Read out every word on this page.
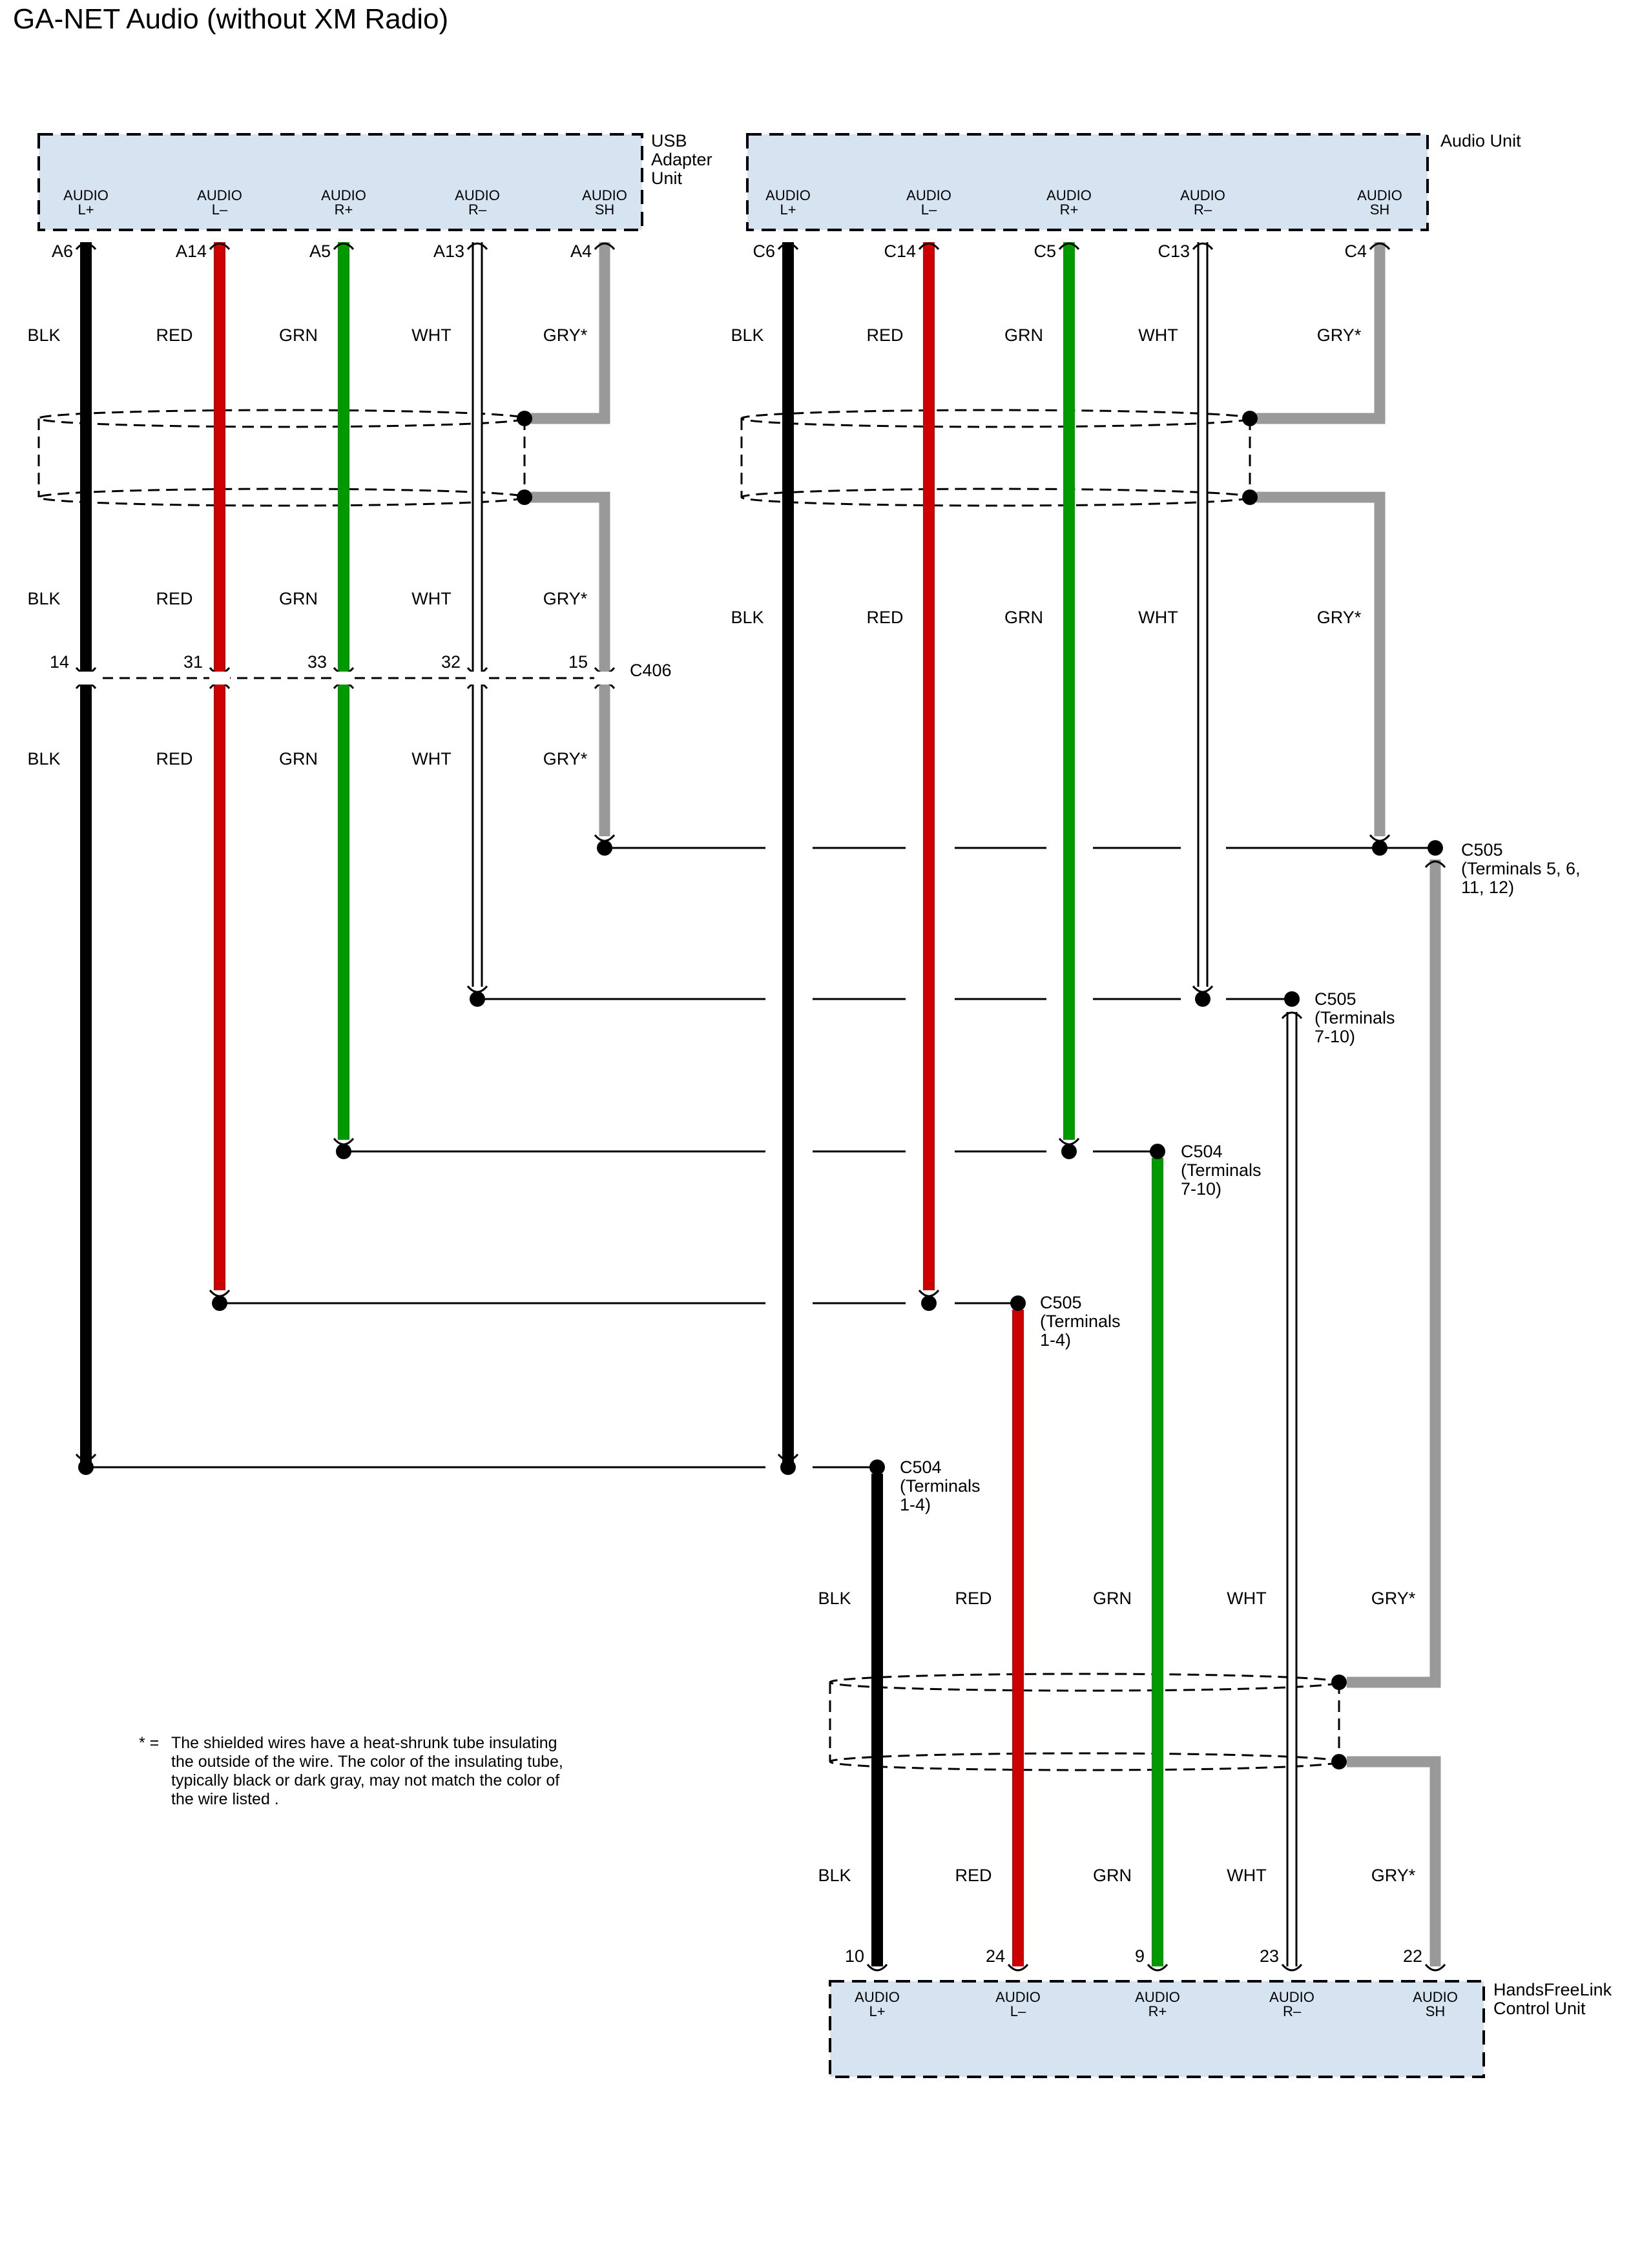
GA-NET Audio (without XM Radio)
USB
Adapter
Unit
AUDIO
L+
AUDIO
L–
AUDIO
R+
AUDIO
R–
AUDIO
SH
A6	A14	A5	A13	A4
Audio Unit
AUDIO
L+
AUDIO
L–
AUDIO
R+
AUDIO
R–
AUDIO
SH
C6	C14	C5	C13	C4
HandsFreeLink
Control Unit
AUDIO
L+
AUDIO
L–
AUDIO
R+
AUDIO
R–
AUDIO
SH
10	24	9	23	22
BLK	RED	GRN	WHT	GRY*	BLK	RED	GRN	WHT	GRY*
BLK	RED	GRN	WHT	GRY*
BLK	RED	GRN	WHT	GRY*
BLK	RED	GRN	WHT	GRY*
BLK	RED	GRN	WHT	GRY*
BLK	RED	GRN	WHT	GRY*
14	31	33	32	15 C406
C505
(Terminals 5, 6,
11, 12)
C505
(Terminals
7-10)
C504
(Terminals
7-10)
C505
(Terminals
1-4)
C504
(Terminals
1-4)
* = The shielded wires have a heat-shrunk tube insulating
the outside of the wire. The color of the insulating tube,
typically black or dark gray, may not match the color of
the wire listed .
